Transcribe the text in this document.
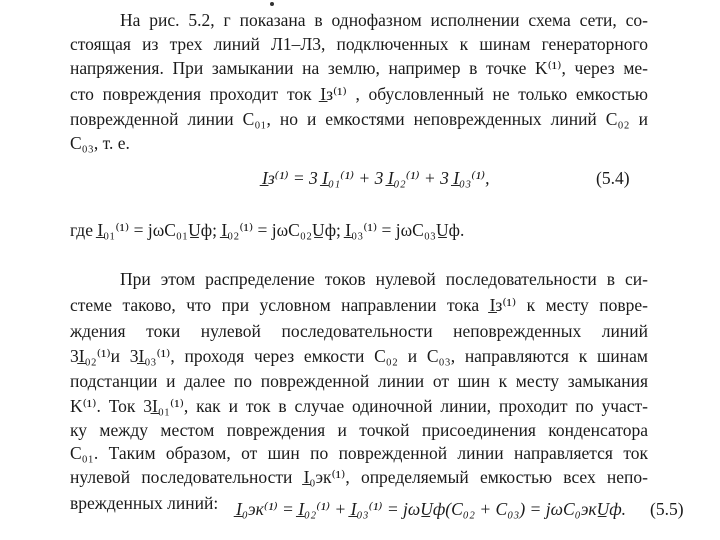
На рис. 5.2, г показана в однофазном исполнении схема сети, со-
стоящая из трех линий Л1–Л3, подключенных к шинам генераторного
напряжения. При замыкании на землю, например в точке K⁽¹⁾, через ме-
сто повреждения проходит ток I̲з⁽¹⁾ , обусловленный не только емкостью
поврежденной линии C₀₁, но и емкостями неповрежденных линий C₀₂ и
C₀₃, т. е.
I̲з⁽¹⁾ = 3 I̲₀₁⁽¹⁾ + 3 I̲₀₂⁽¹⁾ + 3 I̲₀₃⁽¹⁾,	(5.4)
где I̲₀₁⁽¹⁾ = jωC₀₁U̲ф; I̲₀₂⁽¹⁾ = jωC₀₂U̲ф; I̲₀₃⁽¹⁾ = jωC₀₃U̲ф.
При этом распределение токов нулевой последовательности в си-
стеме таково, что при условном направлении тока I̲з⁽¹⁾ к месту повре-
ждения токи нулевой последовательности неповрежденных линий
3I̲₀₂⁽¹⁾и 3I̲₀₃⁽¹⁾, проходя через емкости C₀₂ и C₀₃, направляются к шинам
подстанции и далее по поврежденной линии от шин к месту замыкания
K⁽¹⁾. Ток 3I̲₀₁⁽¹⁾, как и ток в случае одиночной линии, проходит по участ-
ку между местом повреждения и точкой присоединения конденсатора
C₀₁. Таким образом, от шин по поврежденной линии направляется ток
нулевой последовательности I̲₀эк⁽¹⁾, определяемый емкостью всех непо-
врежденных линий:	I̲₀эк⁽¹⁾ = I̲₀₂⁽¹⁾ + I̲₀₃⁽¹⁾ = jωU̲ф(C₀₂ + C₀₃) = jωC₀экU̲ф. (5.5)
